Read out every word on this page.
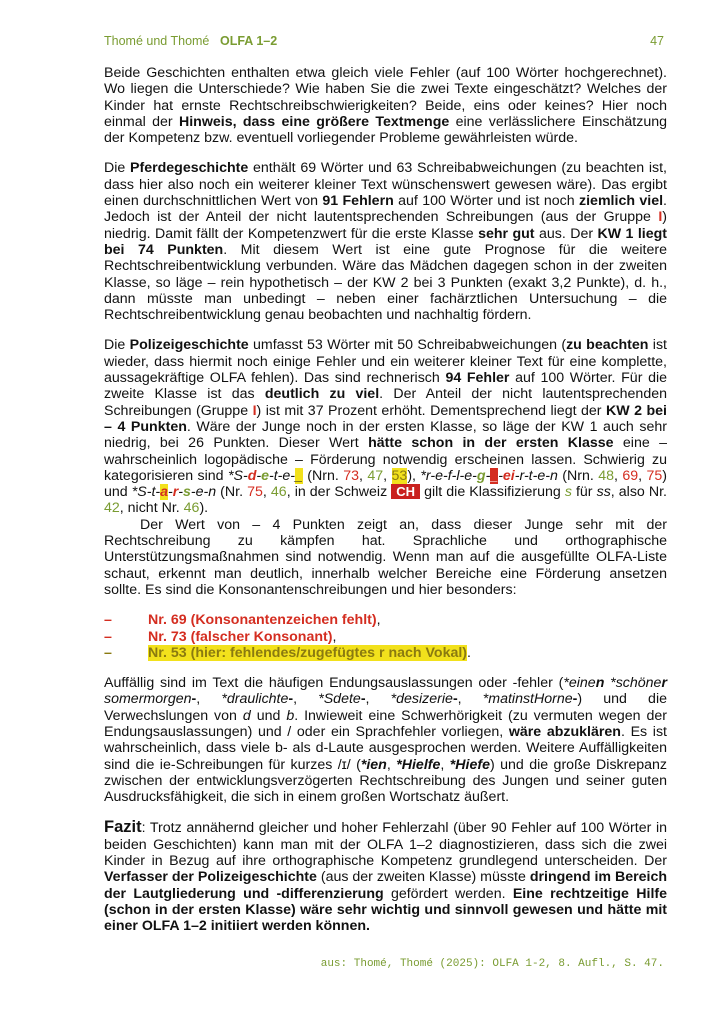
Thomé und Thomé OLFA 1–2	47

Beide Geschichten enthalten etwa gleich viele Fehler (auf 100 Wörter hochgerechnet). Wo liegen die Unterschiede? Wie haben Sie die zwei Texte eingeschätzt? Welches der Kinder hat ernste Rechtschreibschwierigkeiten? Beide, eins oder keines? Hier noch einmal der Hinweis, dass eine größere Textmenge eine verlässlichere Einschätzung der Kompetenz bzw. eventuell vorliegender Probleme gewährleisten würde.

Die Pferdegeschichte enthält 69 Wörter und 63 Schreibabweichungen (zu beachten ist, dass hier also noch ein weiterer kleiner Text wünschenswert gewesen wäre). Das ergibt einen durchschnittlichen Wert von 91 Fehlern auf 100 Wörter und ist noch ziemlich viel. Jedoch ist der Anteil der nicht lautentsprechenden Schreibungen (aus der Gruppe I) niedrig. Damit fällt der Kompetenzwert für die erste Klasse sehr gut aus. Der KW 1 liegt bei 74 Punkten. Mit diesem Wert ist eine gute Prognose für die weitere Rechtschreibentwicklung verbunden. Wäre das Mädchen dagegen schon in der zweiten Klasse, so läge – rein hypothetisch – der KW 2 bei 3 Punkten (exakt 3,2 Punkte), d. h., dann müsste man unbedingt – neben einer fachärztlichen Untersuchung – die Rechtschreibentwicklung genau beobachten und nachhaltig fördern.

Die Polizeigeschichte umfasst 53 Wörter mit 50 Schreibabweichungen (zu beachten ist wieder, dass hiermit noch einige Fehler und ein weiterer kleiner Text für eine komplette, aussagekräftige OLFA fehlen). Das sind rechnerisch 94 Fehler auf 100 Wörter. Für die zweite Klasse ist das deutlich zu viel. Der Anteil der nicht lautentsprechenden Schreibungen (Gruppe I) ist mit 37 Prozent erhöht. Dementsprechend liegt der KW 2 bei – 4 Punkten. Wäre der Junge noch in der ersten Klasse, so läge der KW 1 auch sehr niedrig, bei 26 Punkten. Dieser Wert hätte schon in der ersten Klasse eine – wahrscheinlich logopädische – Förderung notwendig erscheinen lassen. Schwierig zu kategorisieren sind *S-d-e-t-e-_ (Nrn. 73, 47, 53), *r-e-f-l-e-g-_-ei-r-t-e-n (Nrn. 48, 69, 75) und *S-t-a-r-s-e-n (Nr. 75, 46, in der Schweiz CH gilt die Klassifizierung s für ss, also Nr. 42, nicht Nr. 46).

Der Wert von – 4 Punkten zeigt an, dass dieser Junge sehr mit der Rechtschreibung zu kämpfen hat. Sprachliche und orthographische Unterstützungsmaßnahmen sind notwendig. Wenn man auf die ausgefüllte OLFA-Liste schaut, erkennt man deutlich, innerhalb welcher Bereiche eine Förderung ansetzen sollte. Es sind die Konsonantenschreibungen und hier besonders:

–	Nr. 69 (Konsonantenzeichen fehlt),
–	Nr. 73 (falscher Konsonant),
–	Nr. 53 (hier: fehlendes/zugefügtes r nach Vokal).

Auffällig sind im Text die häufigen Endungsauslassungen oder -fehler (*einen *schöner somermorgen-, *draulichte-, *Sdete-, *desizerie-, *matinstHorne-) und die Verwechslungen von d und b. Inwieweit eine Schwerhörigkeit (zu vermuten wegen der Endungsauslassungen) und / oder ein Sprachfehler vorliegen, wäre abzuklären. Es ist wahrscheinlich, dass viele b- als d-Laute ausgesprochen werden. Weitere Auffälligkeiten sind die ie-Schreibungen für kurzes /ɪ/ (*ien, *Hielfe, *Hiefe) und die große Diskrepanz zwischen der entwicklungsverzögerten Rechtschreibung des Jungen und seiner guten Ausdrucksfähigkeit, die sich in einem großen Wortschatz äußert.

Fazit: Trotz annähernd gleicher und hoher Fehlerzahl (über 90 Fehler auf 100 Wörter in beiden Geschichten) kann man mit der OLFA 1–2 diagnostizieren, dass sich die zwei Kinder in Bezug auf ihre orthographische Kompetenz grundlegend unterscheiden. Der Verfasser der Polizeigeschichte (aus der zweiten Klasse) müsste dringend im Bereich der Lautgliederung und -differenzierung gefördert werden. Eine rechtzeitige Hilfe (schon in der ersten Klasse) wäre sehr wichtig und sinnvoll gewesen und hätte mit einer OLFA 1–2 initiiert werden können.

aus: Thomé, Thomé (2025): OLFA 1-2, 8. Aufl., S. 47.
